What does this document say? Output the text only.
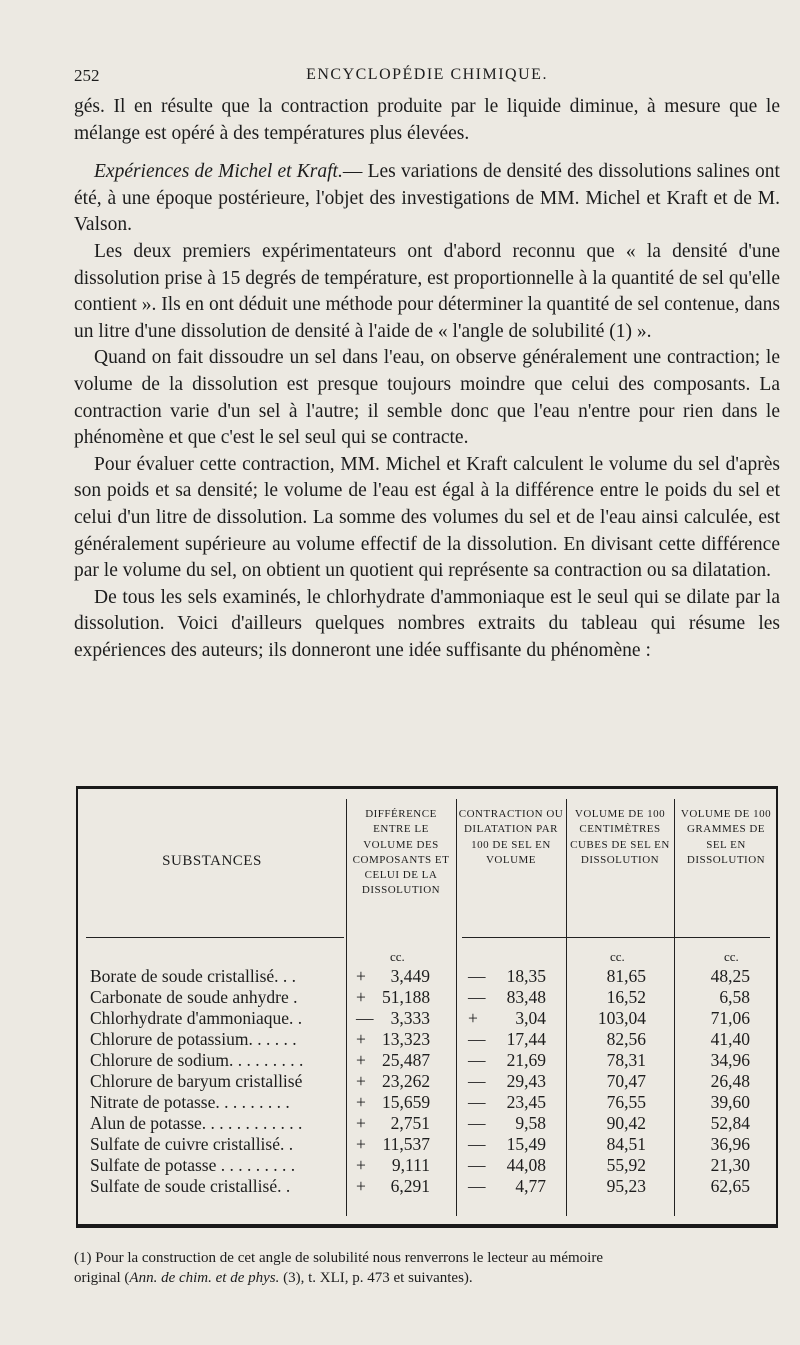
252	ENCYCLOPÉDIE CHIMIQUE.

gés. Il en résulte que la contraction produite par le liquide diminue, à mesure que le mélange est opéré à des températures plus élevées.

Expériences de Michel et Kraft.— Les variations de densité des dissolutions salines ont été, à une époque postérieure, l'objet des investigations de MM. Michel et Kraft et de M. Valson.

Les deux premiers expérimentateurs ont d'abord reconnu que « la densité d'une dissolution prise à 15 degrés de température, est proportionnelle à la quantité de sel qu'elle contient ». Ils en ont déduit une méthode pour déterminer la quantité de sel contenue, dans un litre d'une dissolution de densité à l'aide de « l'angle de solubilité (1) ».

Quand on fait dissoudre un sel dans l'eau, on observe généralement une contraction; le volume de la dissolution est presque toujours moindre que celui des composants. La contraction varie d'un sel à l'autre; il semble donc que l'eau n'entre pour rien dans le phénomène et que c'est le sel seul qui se contracte.

Pour évaluer cette contraction, MM. Michel et Kraft calculent le volume du sel d'après son poids et sa densité; le volume de l'eau est égal à la différence entre le poids du sel et celui d'un litre de dissolution. La somme des volumes du sel et de l'eau ainsi calculée, est généralement supérieure au volume effectif de la dissolution. En divisant cette différence par le volume du sel, on obtient un quotient qui représente sa contraction ou sa dilatation.

De tous les sels examinés, le chlorhydrate d'ammoniaque est le seul qui se dilate par la dissolution. Voici d'ailleurs quelques nombres extraits du tableau qui résume les expériences des auteurs; ils donneront une idée suffisante du phénomène :

SUBSTANCES
DIFFÉRENCE ENTRE LE VOLUME DES COMPOSANTS ET CELUI DE LA DISSOLUTION
CONTRACTION OU DILATATION PAR 100 DE SEL EN VOLUME
VOLUME DE 100 CENTIMÈTRES CUBES DE SEL EN DISSOLUTION
VOLUME DE 100 GRAMMES DE SEL EN DISSOLUTION
cc.	cc.	cc.
Borate de soude cristallisé. . .	+ 3,449 — 18,35	81,65	48,25
Carbonate de soude anhydre .	+ 51,188 — 83,48	16,52	6,58
Chlorhydrate d'ammoniaque. .	— 3,333 + 3,04	103,04	71,06
Chlorure de potassium. . . . . .	+ 13,323 — 17,44	82,56	41,40
Chlorure de sodium. . . . . . . . .	+ 25,487 — 21,69	78,31	34,96
Chlorure de baryum cristallisé	+ 23,262 — 29,43	70,47	26,48
Nitrate de potasse. . . . . . . . .	+ 15,659 — 23,45	76,55	39,60
Alun de potasse. . . . . . . . . . . .	+ 2,751 — 9,58	90,42	52,84
Sulfate de cuivre cristallisé. .	+ 11,537 — 15,49	84,51	36,96
Sulfate de potasse . . . . . . . . .	+ 9,111 — 44,08	55,92	21,30
Sulfate de soude cristallisé. .	+ 6,291 — 4,77	95,23	62,65

(1) Pour la construction de cet angle de solubilité nous renverrons le lecteur au mémoire

original (Ann. de chim. et de phys. (3), t. XLI, p. 473 et suivantes).
